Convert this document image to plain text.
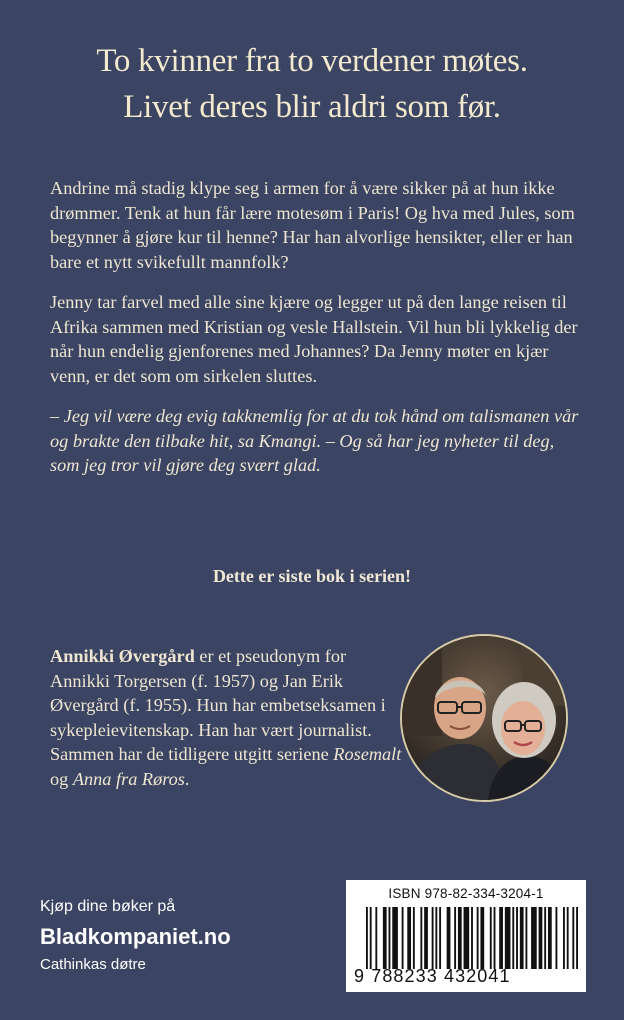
To kvinner fra to verdener møtes.
Livet deres blir aldri som før.

Andrine må stadig klype seg i armen for å være sikker på at hun ikke drømmer. Tenk at hun får lære motesøm i Paris! Og hva med Jules, som begynner å gjøre kur til henne? Har han alvorlige hensikter, eller er han bare et nytt svikefullt mannfolk?

Jenny tar farvel med alle sine kjære og legger ut på den lange reisen til Afrika sammen med Kristian og vesle Hallstein. Vil hun bli lykkelig der når hun endelig gjenforenes med Johannes? Da Jenny møter en kjær venn, er det som om sirkelen sluttes.

– Jeg vil være deg evig takknemlig for at du tok hånd om talismanen vår og brakte den tilbake hit, sa Kmangi. – Og så har jeg nyheter til deg, som jeg tror vil gjøre deg svært glad.

Dette er siste bok i serien!
Annikki Øvergård er et pseudonym for Annikki Torgersen (f. 1957) og Jan Erik Øvergård (f. 1955). Hun har embetseksamen i sykepleievitenskap. Han har vært journalist. Sammen har de tidligere utgitt seriene Rosemalt og Anna fra Røros.
Kjøp dine bøker på
Bladkompaniet.no
Cathinkas døtre
ISBN 978-82-334-3204-1
9 788233 432041
